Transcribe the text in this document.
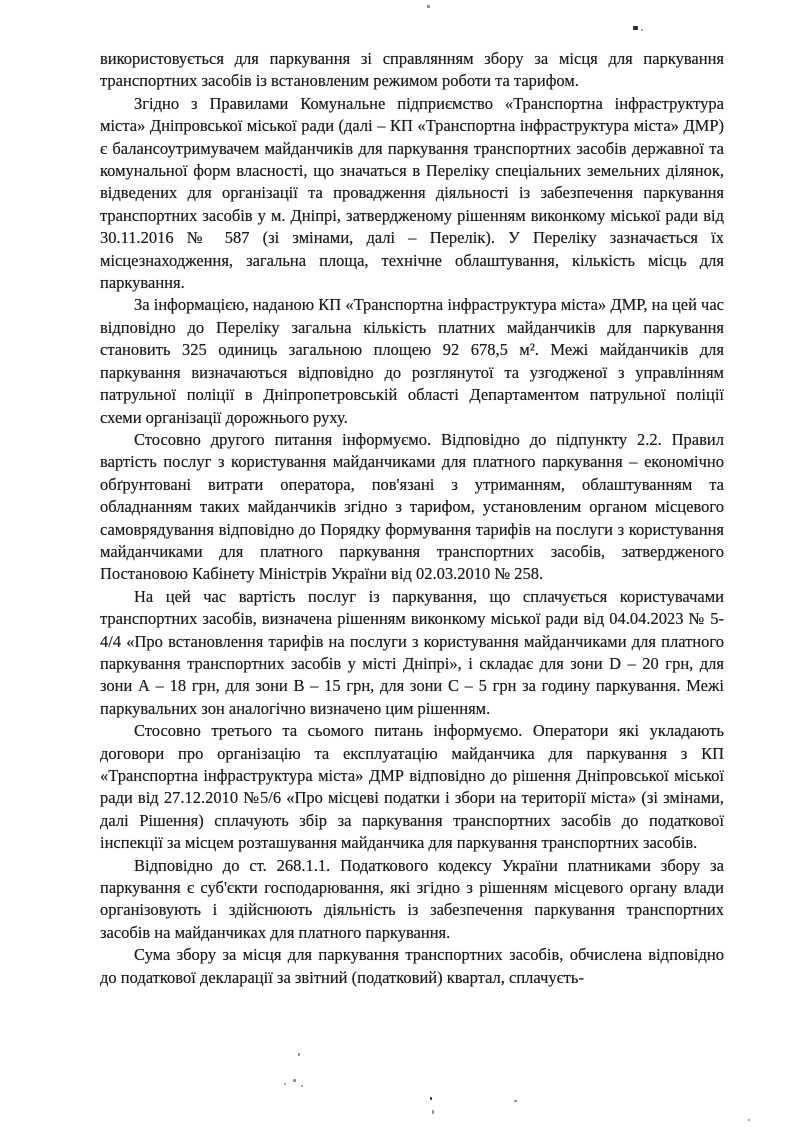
використовується для паркування зі справлянням збору за місця для паркування транспортних засобів із встановленим режимом роботи та тарифом.

Згідно з Правилами Комунальне підприємство «Транспортна інфраструктура міста» Дніпровської міської ради (далі – КП «Транспортна інфраструктура міста» ДМР) є балансоутримувачем майданчиків для паркування транспортних засобів державної та комунальної форм власності, що значаться в Переліку спеціальних земельних ділянок, відведених для організації та провадження діяльності із забезпечення паркування транспортних засобів у м. Дніпрі, затвердженому рішенням виконкому міської ради від 30.11.2016 № 587 (зі змінами, далі – Перелік). У Переліку зазначається їх місцезнаходження, загальна площа, технічне облаштування, кількість місць для паркування.

За інформацією, наданою КП «Транспортна інфраструктура міста» ДМР, на цей час відповідно до Переліку загальна кількість платних майданчиків для паркування становить 325 одиниць загальною площею 92 678,5 м². Межі майданчиків для паркування визначаються відповідно до розглянутої та узгодженої з управлінням патрульної поліції в Дніпропетровській області Департаментом патрульної поліції схеми організації дорожнього руху.

Стосовно другого питання інформуємо. Відповідно до підпункту 2.2. Правил вартість послуг з користування майданчиками для платного паркування – економічно обґрунтовані витрати оператора, пов'язані з утриманням, облаштуванням та обладнанням таких майданчиків згідно з тарифом, установленим органом місцевого самоврядування відповідно до Порядку формування тарифів на послуги з користування майданчиками для платного паркування транспортних засобів, затвердженого Постановою Кабінету Міністрів України від 02.03.2010 № 258.

На цей час вартість послуг із паркування, що сплачується користувачами транспортних засобів, визначена рішенням виконкому міської ради від 04.04.2023 № 5-4/4 «Про встановлення тарифів на послуги з користування майданчиками для платного паркування транспортних засобів у місті Дніпрі», і складає для зони D – 20 грн, для зони А – 18 грн, для зони В – 15 грн, для зони С – 5 грн за годину паркування. Межі паркувальних зон аналогічно визначено цим рішенням.

Стосовно третього та сьомого питань інформуємо. Оператори які укладають договори про організацію та експлуатацію майданчика для паркування з КП «Транспортна інфраструктура міста» ДМР відповідно до рішення Дніпровської міської ради від 27.12.2010 №5/6 «Про місцеві податки і збори на території міста» (зі змінами, далі Рішення) сплачують збір за паркування транспортних засобів до податкової інспекції за місцем розташування майданчика для паркування транспортних засобів.

Відповідно до ст. 268.1.1. Податкового кодексу України платниками збору за паркування є суб'єкти господарювання, які згідно з рішенням місцевого органу влади організовують і здійснюють діяльність із забезпечення паркування транспортних засобів на майданчиках для платного паркування.

Сума збору за місця для паркування транспортних засобів, обчислена відповідно до податкової декларації за звітний (податковий) квартал, сплачуєть-
